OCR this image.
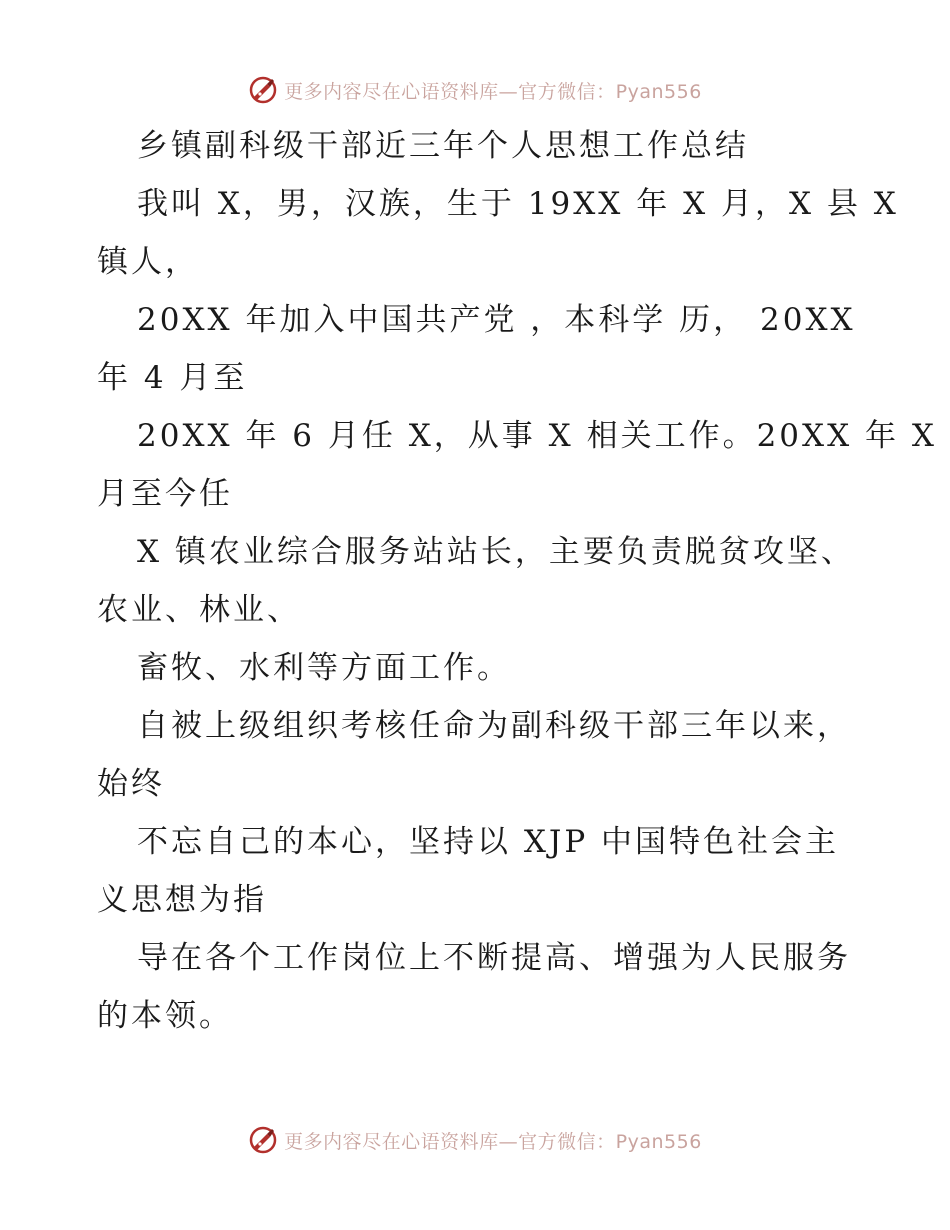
更多内容尽在心语资料库—官方微信：Pyan556
乡镇副科级干部近三年个人思想工作总结
我叫 X，男，汉族，生于 19XX 年 X 月，X 县 X
镇人，
20XX 年加入中国共产党 ，本科学 历， 20XX
年 4 月至
20XX 年 6 月任 X，从事 X 相关工作。20XX 年 X
月至今任
X 镇农业综合服务站站长，主要负责脱贫攻坚、
农业、林业、
畜牧、水利等方面工作。
自被上级组织考核任命为副科级干部三年以来，
始终
不忘自己的本心，坚持以 XJP 中国特色社会主
义思想为指
导在各个工作岗位上不断提高、增强为人民服务
的本领。
更多内容尽在心语资料库—官方微信：Pyan556
